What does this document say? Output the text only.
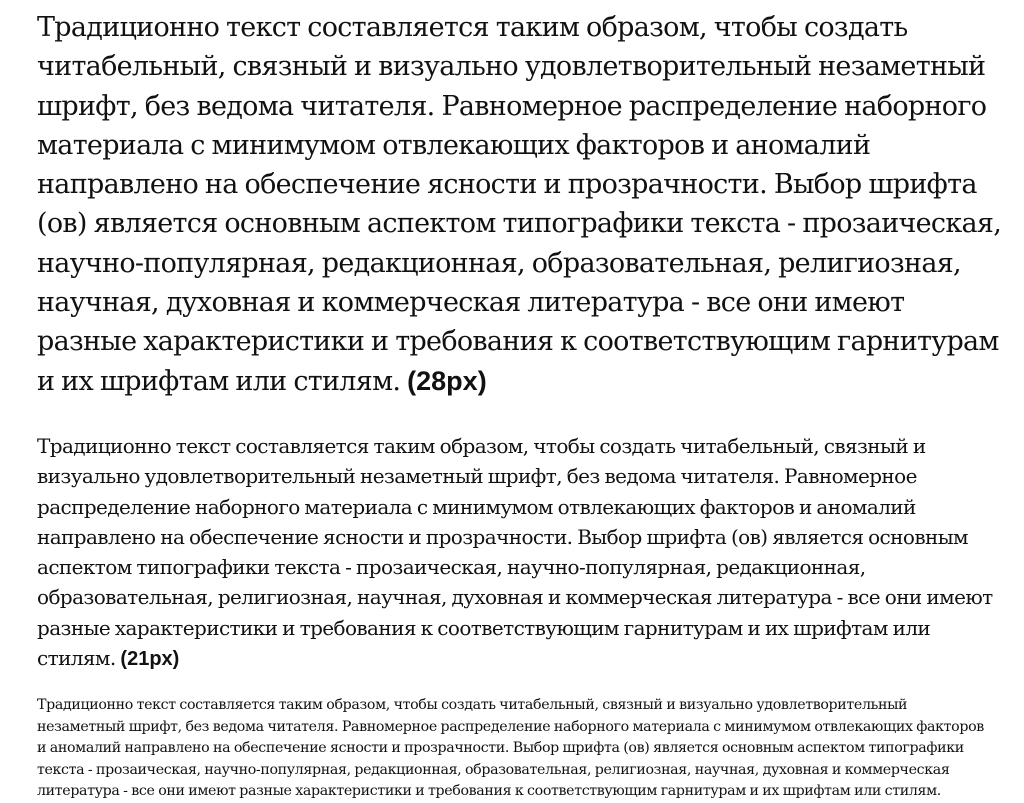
Традиционно текст составляется таким образом, чтобы создать читабельный, связный и визуально удовлетворительный незаметный шрифт, без ведома читателя. Равномерное распределение наборного материала с минимумом отвлекающих факторов и аномалий направлено на обеспечение ясности и прозрачности. Выбор шрифта (ов) является основным аспектом типографики текста - прозаическая, научно-популярная, редакционная, образовательная, религиозная, научная, духовная и коммерческая литература - все они имеют разные характеристики и требования к соответствующим гарнитурам и их шрифтам или стилям. (28px)

Традиционно текст составляется таким образом, чтобы создать читабельный, связный и визуально удовлетворительный незаметный шрифт, без ведома читателя. Равномерное распределение наборного материала с минимумом отвлекающих факторов и аномалий направлено на обеспечение ясности и прозрачности. Выбор шрифта (ов) является основным аспектом типографики текста - прозаическая, научно-популярная, редакционная, образовательная, религиозная, научная, духовная и коммерческая литература - все они имеют разные характеристики и требования к соответствующим гарнитурам и их шрифтам или стилям. (21px)

Традиционно текст составляется таким образом, чтобы создать читабельный, связный и визуально удовлетворительный незаметный шрифт, без ведома читателя. Равномерное распределение наборного материала с минимумом отвлекающих факторов и аномалий направлено на обеспечение ясности и прозрачности. Выбор шрифта (ов) является основным аспектом типографики текста - прозаическая, научно-популярная, редакционная, образовательная, религиозная, научная, духовная и коммерческая литература - все они имеют разные характеристики и требования к соответствующим гарнитурам и их шрифтам или стилям.
